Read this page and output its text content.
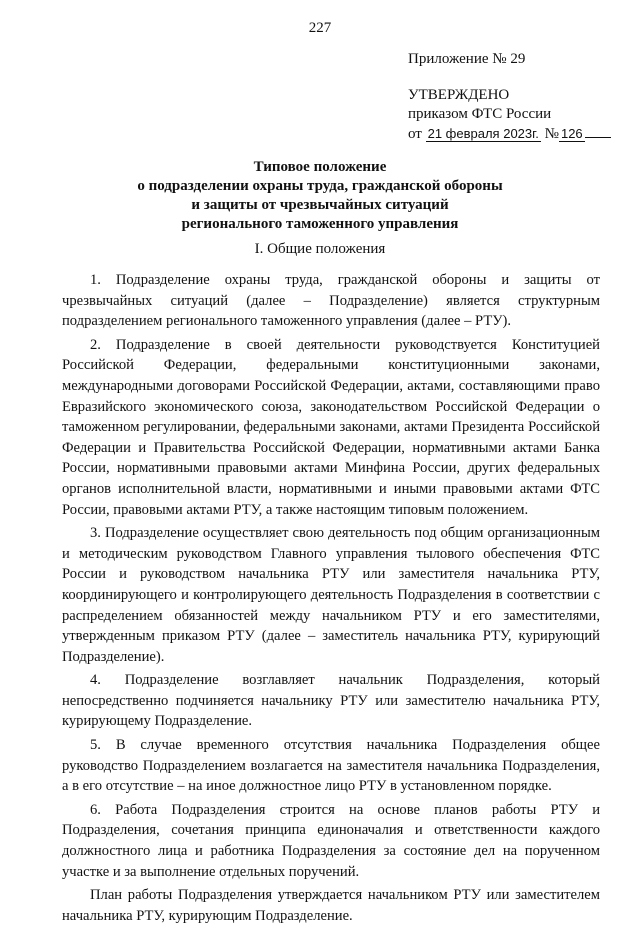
227
Приложение № 29
УТВЕРЖДЕНО
приказом ФТС России
от 21 февраля 2023г. № 126
Типовое положение
о подразделении охраны труда, гражданской обороны
и защиты от чрезвычайных ситуаций
регионального таможенного управления
I. Общие положения

1. Подразделение охраны труда, гражданской обороны и защиты от чрезвычайных ситуаций (далее – Подразделение) является структурным подразделением регионального таможенного управления (далее – РТУ).

2. Подразделение в своей деятельности руководствуется Конституцией Российской Федерации, федеральными конституционными законами, международными договорами Российской Федерации, актами, составляющими право Евразийского экономического союза, законодательством Российской Федерации о таможенном регулировании, федеральными законами, актами Президента Российской Федерации и Правительства Российской Федерации, нормативными актами Банка России, нормативными правовыми актами Минфина России, других федеральных органов исполнительной власти, нормативными и иными правовыми актами ФТС России, правовыми актами РТУ, а также настоящим типовым положением.

3. Подразделение осуществляет свою деятельность под общим организационным и методическим руководством Главного управления тылового обеспечения ФТС России и руководством начальника РТУ или заместителя начальника РТУ, координирующего и контролирующего деятельность Подразделения в соответствии с распределением обязанностей между начальником РТУ и его заместителями, утвержденным приказом РТУ (далее – заместитель начальника РТУ, курирующий Подразделение).

4. Подразделение возглавляет начальник Подразделения, который непосредственно подчиняется начальнику РТУ или заместителю начальника РТУ, курирующему Подразделение.

5. В случае временного отсутствия начальника Подразделения общее руководство Подразделением возлагается на заместителя начальника Подразделения, а в его отсутствие – на иное должностное лицо РТУ в установленном порядке.

6. Работа Подразделения строится на основе планов работы РТУ и Подразделения, сочетания принципа единоначалия и ответственности каждого должностного лица и работника Подразделения за состояние дел на порученном участке и за выполнение отдельных поручений.

План работы Подразделения утверждается начальником РТУ или заместителем начальника РТУ, курирующим Подразделение.
